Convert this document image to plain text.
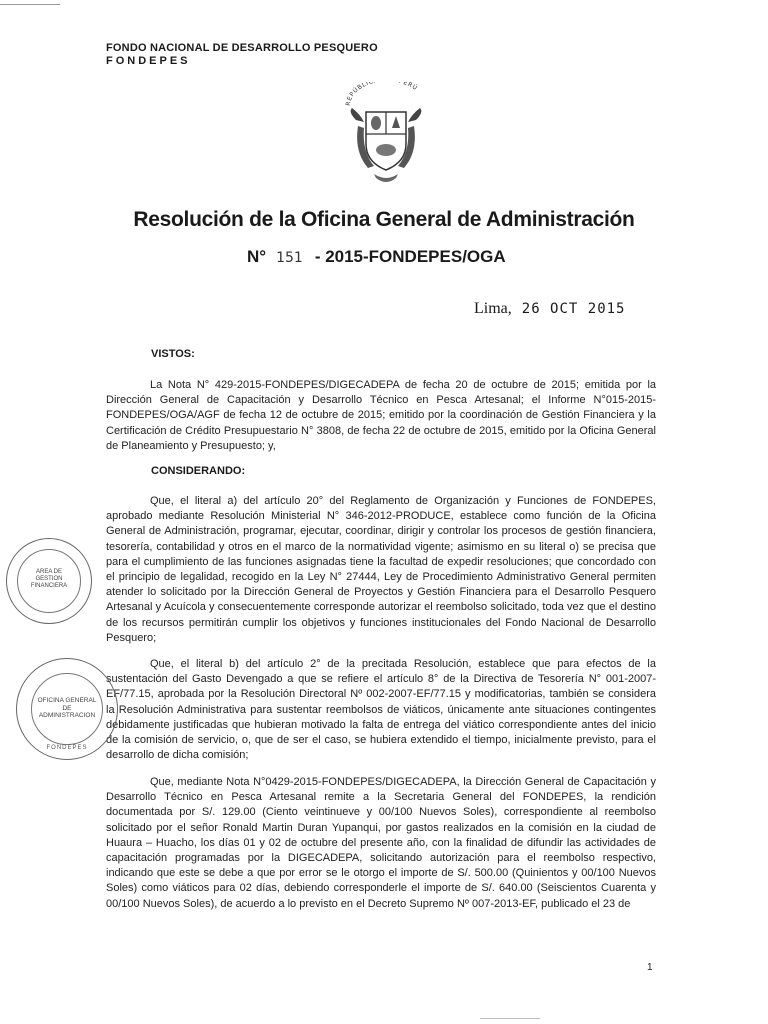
FONDO NACIONAL DE DESARROLLO PESQUERO
FONDEPES
REPÚBLIC ERÚ
Resolución de la Oficina General de Administración
N° 151 - 2015-FONDEPES/OGA
Lima, 26 OCT 2015
VISTOS:
La Nota N° 429-2015-FONDEPES/DIGECADEPA de fecha 20 de octubre de 2015; emitida por la Dirección General de Capacitación y Desarrollo Técnico en Pesca Artesanal; el Informe N°015-2015-FONDEPES/OGA/AGF de fecha 12 de octubre de 2015; emitido por la coordinación de Gestión Financiera y la Certificación de Crédito Presupuestario N° 3808, de fecha 22 de octubre de 2015, emitido por la Oficina General de Planeamiento y Presupuesto; y,
CONSIDERANDO:
Que, el literal a) del artículo 20° del Reglamento de Organización y Funciones de FONDEPES, aprobado mediante Resolución Ministerial N° 346-2012-PRODUCE, establece como función de la Oficina General de Administración, programar, ejecutar, coordinar, dirigir y controlar los procesos de gestión financiera, tesorería, contabilidad y otros en el marco de la normatividad vigente; asimismo en su literal o) se precisa que para el cumplimiento de las funciones asignadas tiene la facultad de expedir resoluciones; que concordado con el principio de legalidad, recogido en la Ley N° 27444, Ley de Procedimiento Administrativo General permiten atender lo solicitado por la Dirección General de Proyectos y Gestión Financiera para el Desarrollo Pesquero Artesanal y Acuícola y consecuentemente corresponde autorizar el reembolso solicitado, toda vez que el destino de los recursos permitirán cumplir los objetivos y funciones institucionales del Fondo Nacional de Desarrollo Pesquero;
Que, el literal b) del artículo 2° de la precitada Resolución, establece que para efectos de la sustentación del Gasto Devengado a que se refiere el artículo 8° de la Directiva de Tesorería N° 001-2007-EF/77.15, aprobada por la Resolución Directoral Nº 002-2007-EF/77.15 y modificatorias, también se considera la Resolución Administrativa para sustentar reembolsos de viáticos, únicamente ante situaciones contingentes debidamente justificadas que hubieran motivado la falta de entrega del viático correspondiente antes del inicio de la comisión de servicio, o, que de ser el caso, se hubiera extendido el tiempo, inicialmente previsto, para el desarrollo de dicha comisión;
Que, mediante Nota N°0429-2015-FONDEPES/DIGECADEPA, la Dirección General de Capacitación y Desarrollo Técnico en Pesca Artesanal remite a la Secretaria General del FONDEPES, la rendición documentada por S/. 129.00 (Ciento veintinueve y 00/100 Nuevos Soles), correspondiente al reembolso solicitado por el señor Ronald Martin Duran Yupanqui, por gastos realizados en la comisión en la ciudad de Huaura – Huacho, los días 01 y 02 de octubre del presente año, con la finalidad de difundir las actividades de capacitación programadas por la DIGECADEPA, solicitando autorización para el reembolso respectivo, indicando que este se debe a que por error se le otorgo el importe de S/. 500.00 (Quinientos y 00/100 Nuevos Soles) como viáticos para 02 días, debiendo corresponderle el importe de S/. 640.00 (Seiscientos Cuarenta y 00/100 Nuevos Soles), de acuerdo a lo previsto en el Decreto Supremo Nº 007-2013-EF, publicado el 23 de
AREA DE GESTION FINANCIERA
OFICINA GENERAL DE ADMINISTRACION
FONDEPES
1
